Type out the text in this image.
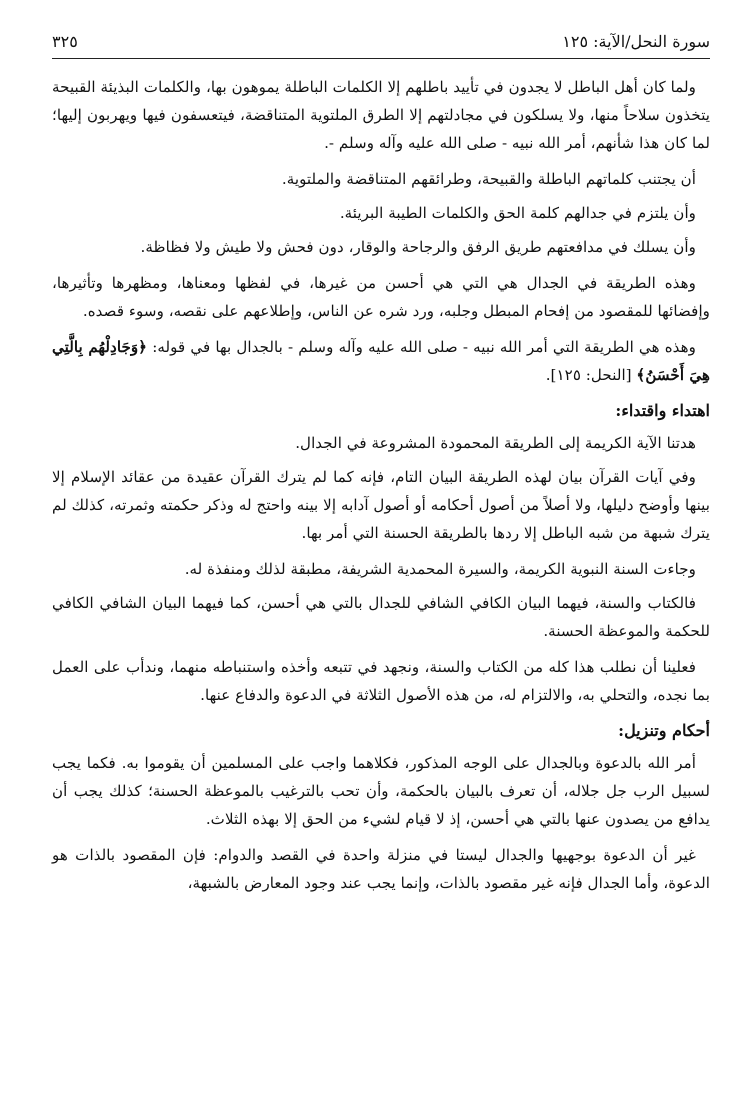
سورة النحل/الآية: ١٢٥
٣٢٥

ولما كان أهل الباطل لا يجدون في تأييد باطلهم إلا الكلمات الباطلة يموهون بها، والكلمات البذيئة القبيحة يتخذون سلاحاً منها، ولا يسلكون في مجادلتهم إلا الطرق الملتوية المتناقضة، فيتعسفون فيها ويهربون إليها؛ لما كان هذا شأنهم، أمر الله نبيه - صلى الله عليه وآله وسلم -.

أن يجتنب كلماتهم الباطلة والقبيحة، وطرائقهم المتناقضة والملتوية.

وأن يلتزم في جدالهم كلمة الحق والكلمات الطيبة البريئة.

وأن يسلك في مدافعتهم طريق الرفق والرجاحة والوقار، دون فحش ولا طيش ولا فظاظة.

وهذه الطريقة في الجدال هي التي هي أحسن من غيرها، في لفظها ومعناها، ومظهرها وتأثيرها، وإفضائها للمقصود من إفحام المبطل وجلبه، ورد شره عن الناس، وإطلاعهم على نقصه، وسوء قصده.

وهذه هي الطريقة التي أمر الله نبيه - صلى الله عليه وآله وسلم - بالجدال بها في قوله: ﴿وَجَادِلْهُم بِالَّتِي هِيَ أَحْسَنُ﴾ [النحل: ١٢٥].

اهتداء واقتداء:

هدتنا الآية الكريمة إلى الطريقة المحمودة المشروعة في الجدال.

وفي آيات القرآن بيان لهذه الطريقة البيان التام، فإنه كما لم يترك القرآن عقيدة من عقائد الإسلام إلا بينها وأوضح دليلها، ولا أصلاً من أصول أحكامه أو أصول آدابه إلا بينه واحتج له وذكر حكمته وثمرته، كذلك لم يترك شبهة من شبه الباطل إلا ردها بالطريقة الحسنة التي أمر بها.

وجاءت السنة النبوية الكريمة، والسيرة المحمدية الشريفة، مطبقة لذلك ومنفذة له.

فالكتاب والسنة، فيهما البيان الكافي الشافي للجدال بالتي هي أحسن، كما فيهما البيان الشافي الكافي للحكمة والموعظة الحسنة.

فعلينا أن نطلب هذا كله من الكتاب والسنة، ونجهد في تتبعه وأخذه واستنباطه منهما، وندأب على العمل بما نجده، والتحلي به، والالتزام له، من هذه الأصول الثلاثة في الدعوة والدفاع عنها.

أحكام وتنزيل:

أمر الله بالدعوة وبالجدال على الوجه المذكور، فكلاهما واجب على المسلمين أن يقوموا به. فكما يجب لسبيل الرب جل جلاله، أن تعرف بالبيان بالحكمة، وأن تحب بالترغيب بالموعظة الحسنة؛ كذلك يجب أن يدافع من يصدون عنها بالتي هي أحسن، إذ لا قيام لشيء من الحق إلا بهذه الثلاث.

غير أن الدعوة بوجهيها والجدال ليستا في منزلة واحدة في القصد والدوام: فإن المقصود بالذات هو الدعوة، وأما الجدال فإنه غير مقصود بالذات، وإنما يجب عند وجود المعارض بالشبهة،
